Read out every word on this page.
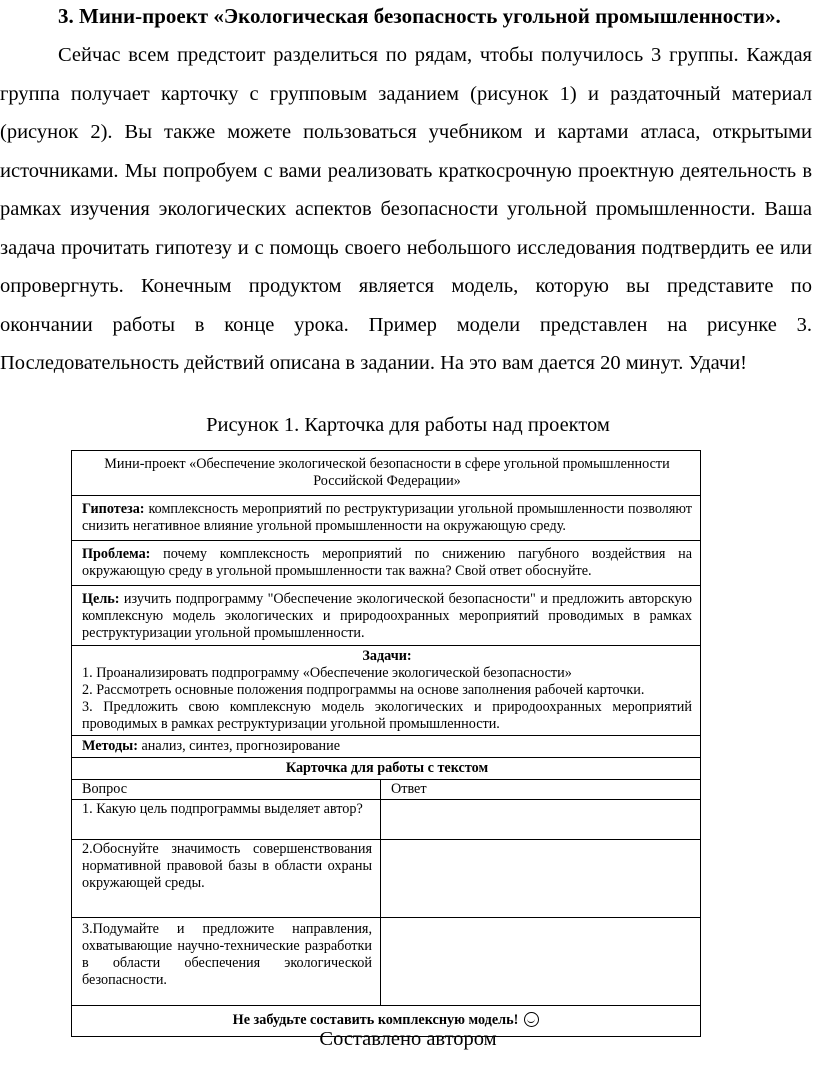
3. Мини-проект «Экологическая безопасность угольной промышленности».
Сейчас всем предстоит разделиться по рядам, чтобы получилось 3 группы. Каждая группа получает карточку с групповым заданием (рисунок 1) и раздаточный материал (рисунок 2). Вы также можете пользоваться учебником и картами атласа, открытыми источниками. Мы попробуем с вами реализовать краткосрочную проектную деятельность в рамках изучения экологических аспектов безопасности угольной промышленности. Ваша задача прочитать гипотезу и с помощь своего небольшого исследования подтвердить ее или опровергнуть. Конечным продуктом является модель, которую вы представите по окончании работы в конце урока. Пример модели представлен на рисунке 3. Последовательность действий описана в задании. На это вам дается 20 минут. Удачи!
Рисунок 1. Карточка для работы над проектом
Мини-проект «Обеспечение экологической безопасности в сфере угольной промышленности Российской Федерации»
Гипотеза: комплексность мероприятий по реструктуризации угольной промышленности позволяют снизить негативное влияние угольной промышленности на окружающую среду.
Проблема: почему комплексность мероприятий по снижению пагубного воздействия на окружающую среду в угольной промышленности так важна? Свой ответ обоснуйте.
Цель: изучить подпрограмму "Обеспечение экологической безопасности" и предложить авторскую комплексную модель экологических и природоохранных мероприятий проводимых в рамках реструктуризации угольной промышленности.
Задачи:
1. Проанализировать подпрограмму «Обеспечение экологической безопасности»
2. Рассмотреть основные положения подпрограммы на основе заполнения рабочей карточки.
3. Предложить свою комплексную модель экологических и природоохранных мероприятий проводимых в рамках реструктуризации угольной промышленности.
Методы: анализ, синтез, прогнозирование
Карточка для работы с текстом
Вопрос	Ответ
1. Какую цель подпрограммы выделяет автор?	
2.Обоснуйте значимость совершенствования нормативной правовой базы в области охраны окружающей среды.	
3.Подумайте и предложите направления, охватывающие научно-технические разработки в области обеспечения экологической безопасности.	
Не забудьте составить комплексную модель!
Составлено автором
